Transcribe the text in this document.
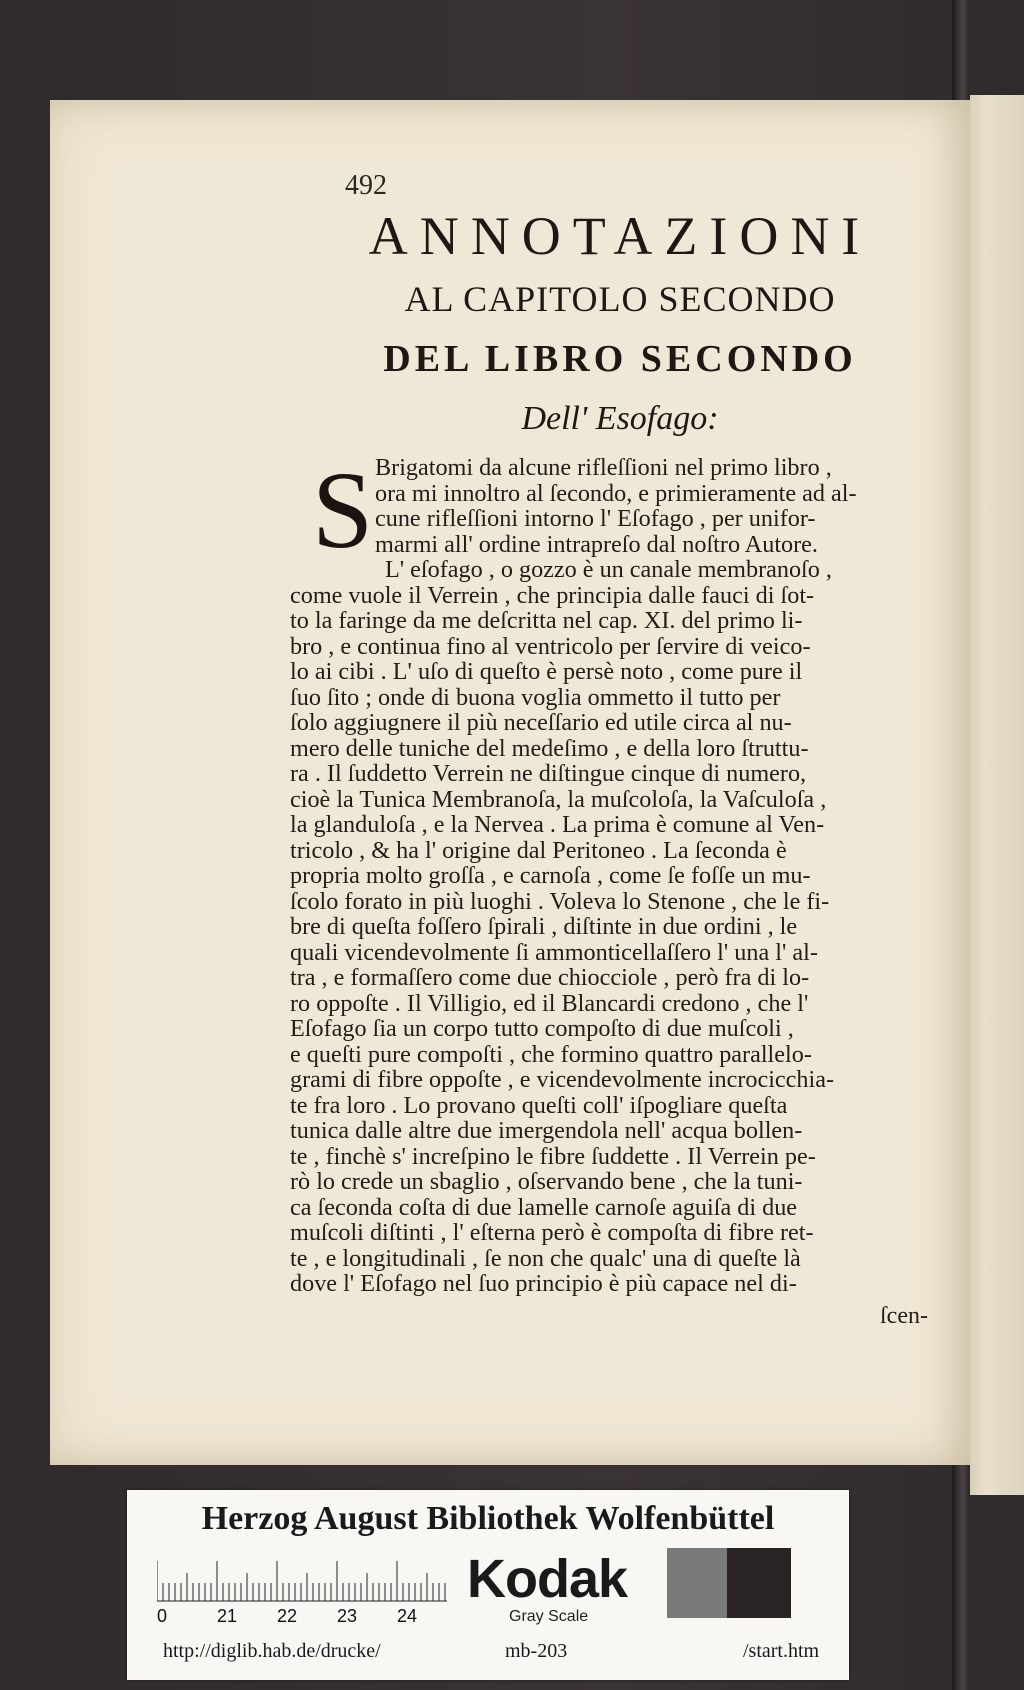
492
ANNOTAZIONI
AL CAPITOLO SECONDO
DEL LIBRO SECONDO
Dell' Esofago:
S Brigatomi da alcune rifleſſioni nel primo libro ,
ora mi innoltro al ſecondo, e primieramente ad al-
cune rifleſſioni intorno l' Eſofago , per unifor-
marmi all' ordine intrapreſo dal noſtro Autore.
L' eſofago , o gozzo è un canale membranoſo ,
come vuole il Verrein , che principia dalle fauci di ſot-
to la faringe da me deſcritta nel cap. XI. del primo li-
bro , e continua fino al ventricolo per ſervire di veico-
lo ai cibi . L' uſo di queſto è persè noto , come pure il
ſuo ſito ; onde di buona voglia ommetto il tutto per
ſolo aggiugnere il più neceſſario ed utile circa al nu-
mero delle tuniche del medeſimo , e della loro ſtruttu-
ra . Il ſuddetto Verrein ne diſtingue cinque di numero,
cioè la Tunica Membranoſa, la muſcoloſa, la Vaſculoſa ,
la glanduloſa , e la Nervea . La prima è comune al Ven-
tricolo , & ha l' origine dal Peritoneo . La ſeconda è
propria molto groſſa , e carnoſa , come ſe foſſe un mu-
ſcolo forato in più luoghi . Voleva lo Stenone , che le fi-
bre di queſta foſſero ſpirali , diſtinte in due ordini , le
quali vicendevolmente ſi ammonticellaſſero l' una l' al-
tra , e formaſſero come due chiocciole , però fra di lo-
ro oppoſte . Il Villigio, ed il Blancardi credono , che l'
Eſofago ſia un corpo tutto compoſto di due muſcoli ,
e queſti pure compoſti , che formino quattro parallelo-
grami di fibre oppoſte , e vicendevolmente incrocicchia-
te fra loro . Lo provano queſti coll' iſpogliare queſta
tunica dalle altre due imergendola nell' acqua bollen-
te , finchè s' increſpino le fibre ſuddette . Il Verrein pe-
rò lo crede un sbaglio , oſservando bene , che la tuni-
ca ſeconda coſta di due lamelle carnoſe aguiſa di due
muſcoli diſtinti , l' eſterna però è compoſta di fibre ret-
te , e longitudinali , ſe non che qualc' una di queſte là
dove l' Eſofago nel ſuo principio è più capace nel di-
ſcen-
Herzog August Bibliothek Wolfenbüttel
0	21 22 23 24
Kodak
Gray Scale
http://diglib.hab.de/drucke/	mb-203	/start.htm
